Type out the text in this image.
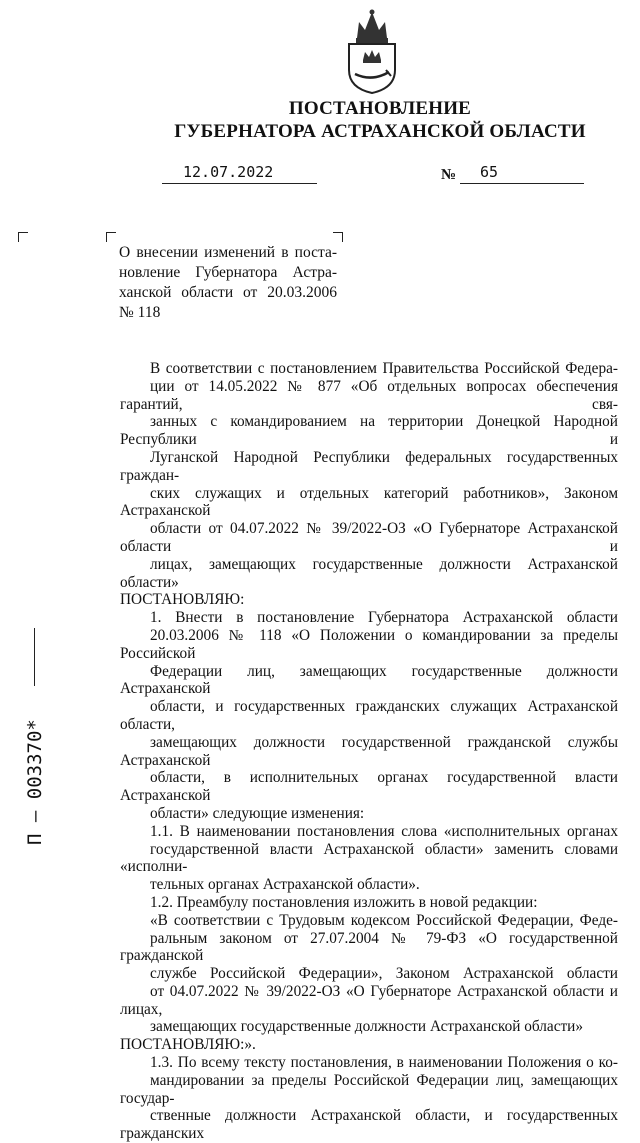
ПОСТАНОВЛЕНИЕ
ГУБЕРНАТОРА АСТРАХАНСКОЙ ОБЛАСТИ
12.07.2022	№ 65
О внесении изменений в поста-
новление Губернатора Астра-
ханской области от 20.03.2006
№ 118

В соответствии с постановлением Правительства Российской Федера-
ции от 14.05.2022 № 877 «Об отдельных вопросах обеспечения гарантий, свя-
занных с командированием на территории Донецкой Народной Республики и
Луганской Народной Республики федеральных государственных граждан-
ских служащих и отдельных категорий работников», Законом Астраханской
области от 04.07.2022 № 39/2022-ОЗ «О Губернаторе Астраханской области и
лицах, замещающих государственные должности Астраханской области»

ПОСТАНОВЛЯЮ:

1. Внести в постановление Губернатора Астраханской области
20.03.2006 № 118 «О Положении о командировании за пределы Российской
Федерации лиц, замещающих государственные должности Астраханской
области, и государственных гражданских служащих Астраханской области,
замещающих должности государственной гражданской службы Астраханской
области, в исполнительных органах государственной власти Астраханской
области» следующие изменения:

1.1. В наименовании постановления слова «исполнительных органах
государственной власти Астраханской области» заменить словами «исполни-
тельных органах Астраханской области».

1.2. Преамбулу постановления изложить в новой редакции:

«В соответствии с Трудовым кодексом Российской Федерации, Феде-
ральным законом от 27.07.2004 № 79-ФЗ «О государственной гражданской
службе Российской Федерации», Законом Астраханской области
от 04.07.2022 № 39/2022-ОЗ «О Губернаторе Астраханской области и лицах,
замещающих государственные должности Астраханской области»

ПОСТАНОВЛЯЮ:».

1.3. По всему тексту постановления, в наименовании Положения о ко-
мандировании за пределы Российской Федерации лиц, замещающих государ-
ственные должности Астраханской области, и государственных гражданских

П – 003370*
